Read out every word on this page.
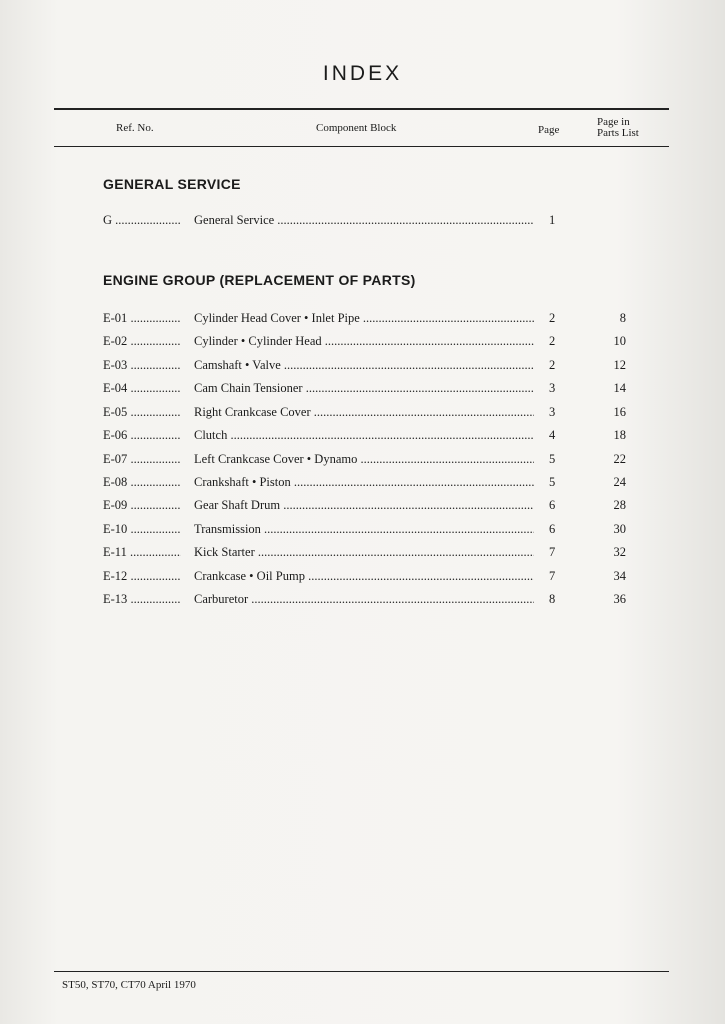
INDEX
Ref. No.	Component Block	Page
Page in
Parts List
GENERAL SERVICE
G .....	General Service .....	1
ENGINE GROUP (REPLACEMENT OF PARTS)
E-01 .....	Cylinder Head Cover • Inlet Pipe .....	2	8
E-02 .....	Cylinder • Cylinder Head .....	2	10
E-03 .....	Camshaft • Valve .....	2	12
E-04 .....	Cam Chain Tensioner .....	3	14
E-05 .....	Right Crankcase Cover .....	3	16
E-06 .....	Clutch .....	4	18
E-07 .....	Left Crankcase Cover • Dynamo .....	5	22
E-08 .....	Crankshaft • Piston .....	5	24
E-09 .....	Gear Shaft Drum .....	6	28
E-10 .....	Transmission .....	6	30
E-11 .....	Kick Starter .....	7	32
E-12 .....	Crankcase • Oil Pump .....	7	34
E-13 .....	Carburetor .....	8	36
ST50, ST70, CT70 April 1970
